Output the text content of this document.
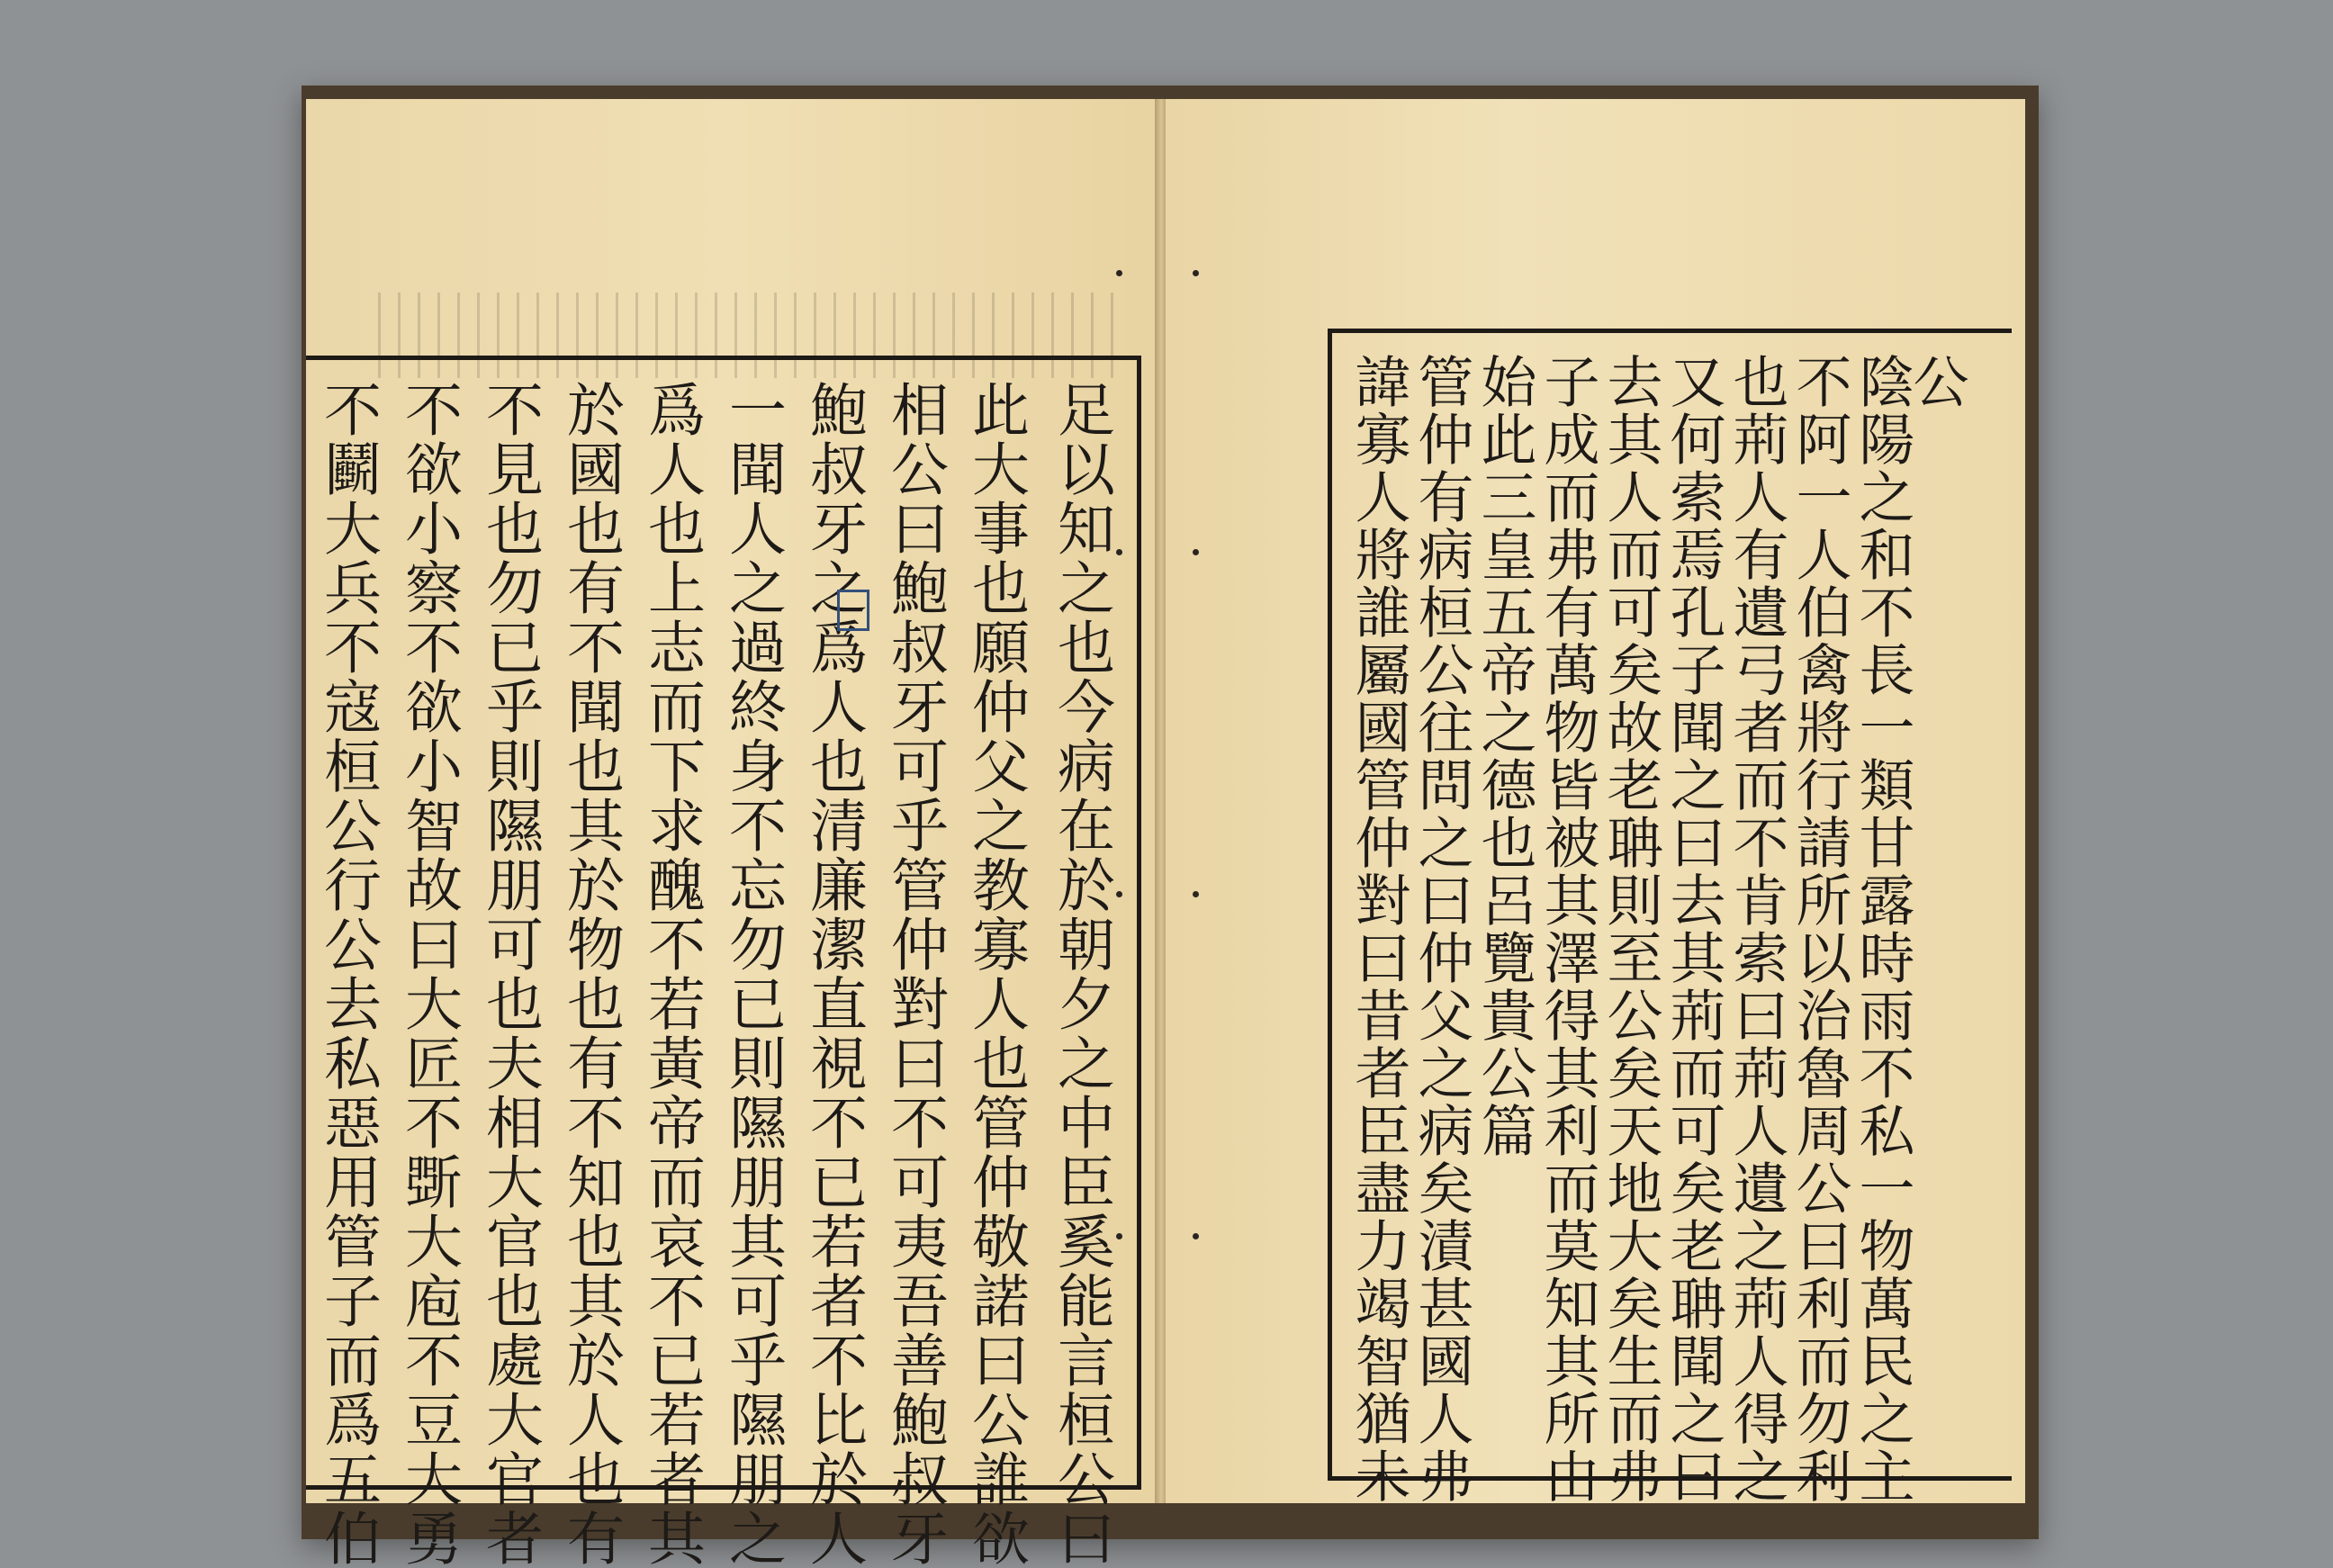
足以知之也今病在於朝夕之中臣奚能言桓公曰
此大事也願仲父之教寡人也管仲敬諾曰公誰欲
相公曰鮑叔牙可乎管仲對曰不可夷吾善鮑叔牙
鮑叔牙之爲人也清廉潔直視不已若者不比於人
一聞人之過終身不忘勿已則隰朋其可乎隰朋之
爲人也上志而下求醜不若黃帝而哀不已若者其
於國也有不聞也其於物也有不知也其於人也有
不見也勿已乎則隰朋可也夫相大官也處大官者
不欲小察不欲小智故曰大匠不斲大庖不豆大勇
不鬬大兵不寇桓公行公去私惡用管子而爲五伯	公
陰陽之和不長一類甘露時雨不私一物萬民之主
不阿一人伯禽將行請所以治魯周公曰利而勿利
也荊人有遺弓者而不肯索曰荊人遺之荊人得之
又何索焉孔子聞之曰去其荊而可矣老聃聞之曰
去其人而可矣故老聃則至公矣天地大矣生而弗
子成而弗有萬物皆被其澤得其利而莫知其所由
始此三皇五帝之德也呂覽貴公篇
管仲有病桓公往問之曰仲父之病矣漬甚國人弗
諱寡人將誰屬國管仲對曰昔者臣盡力竭智猶未
